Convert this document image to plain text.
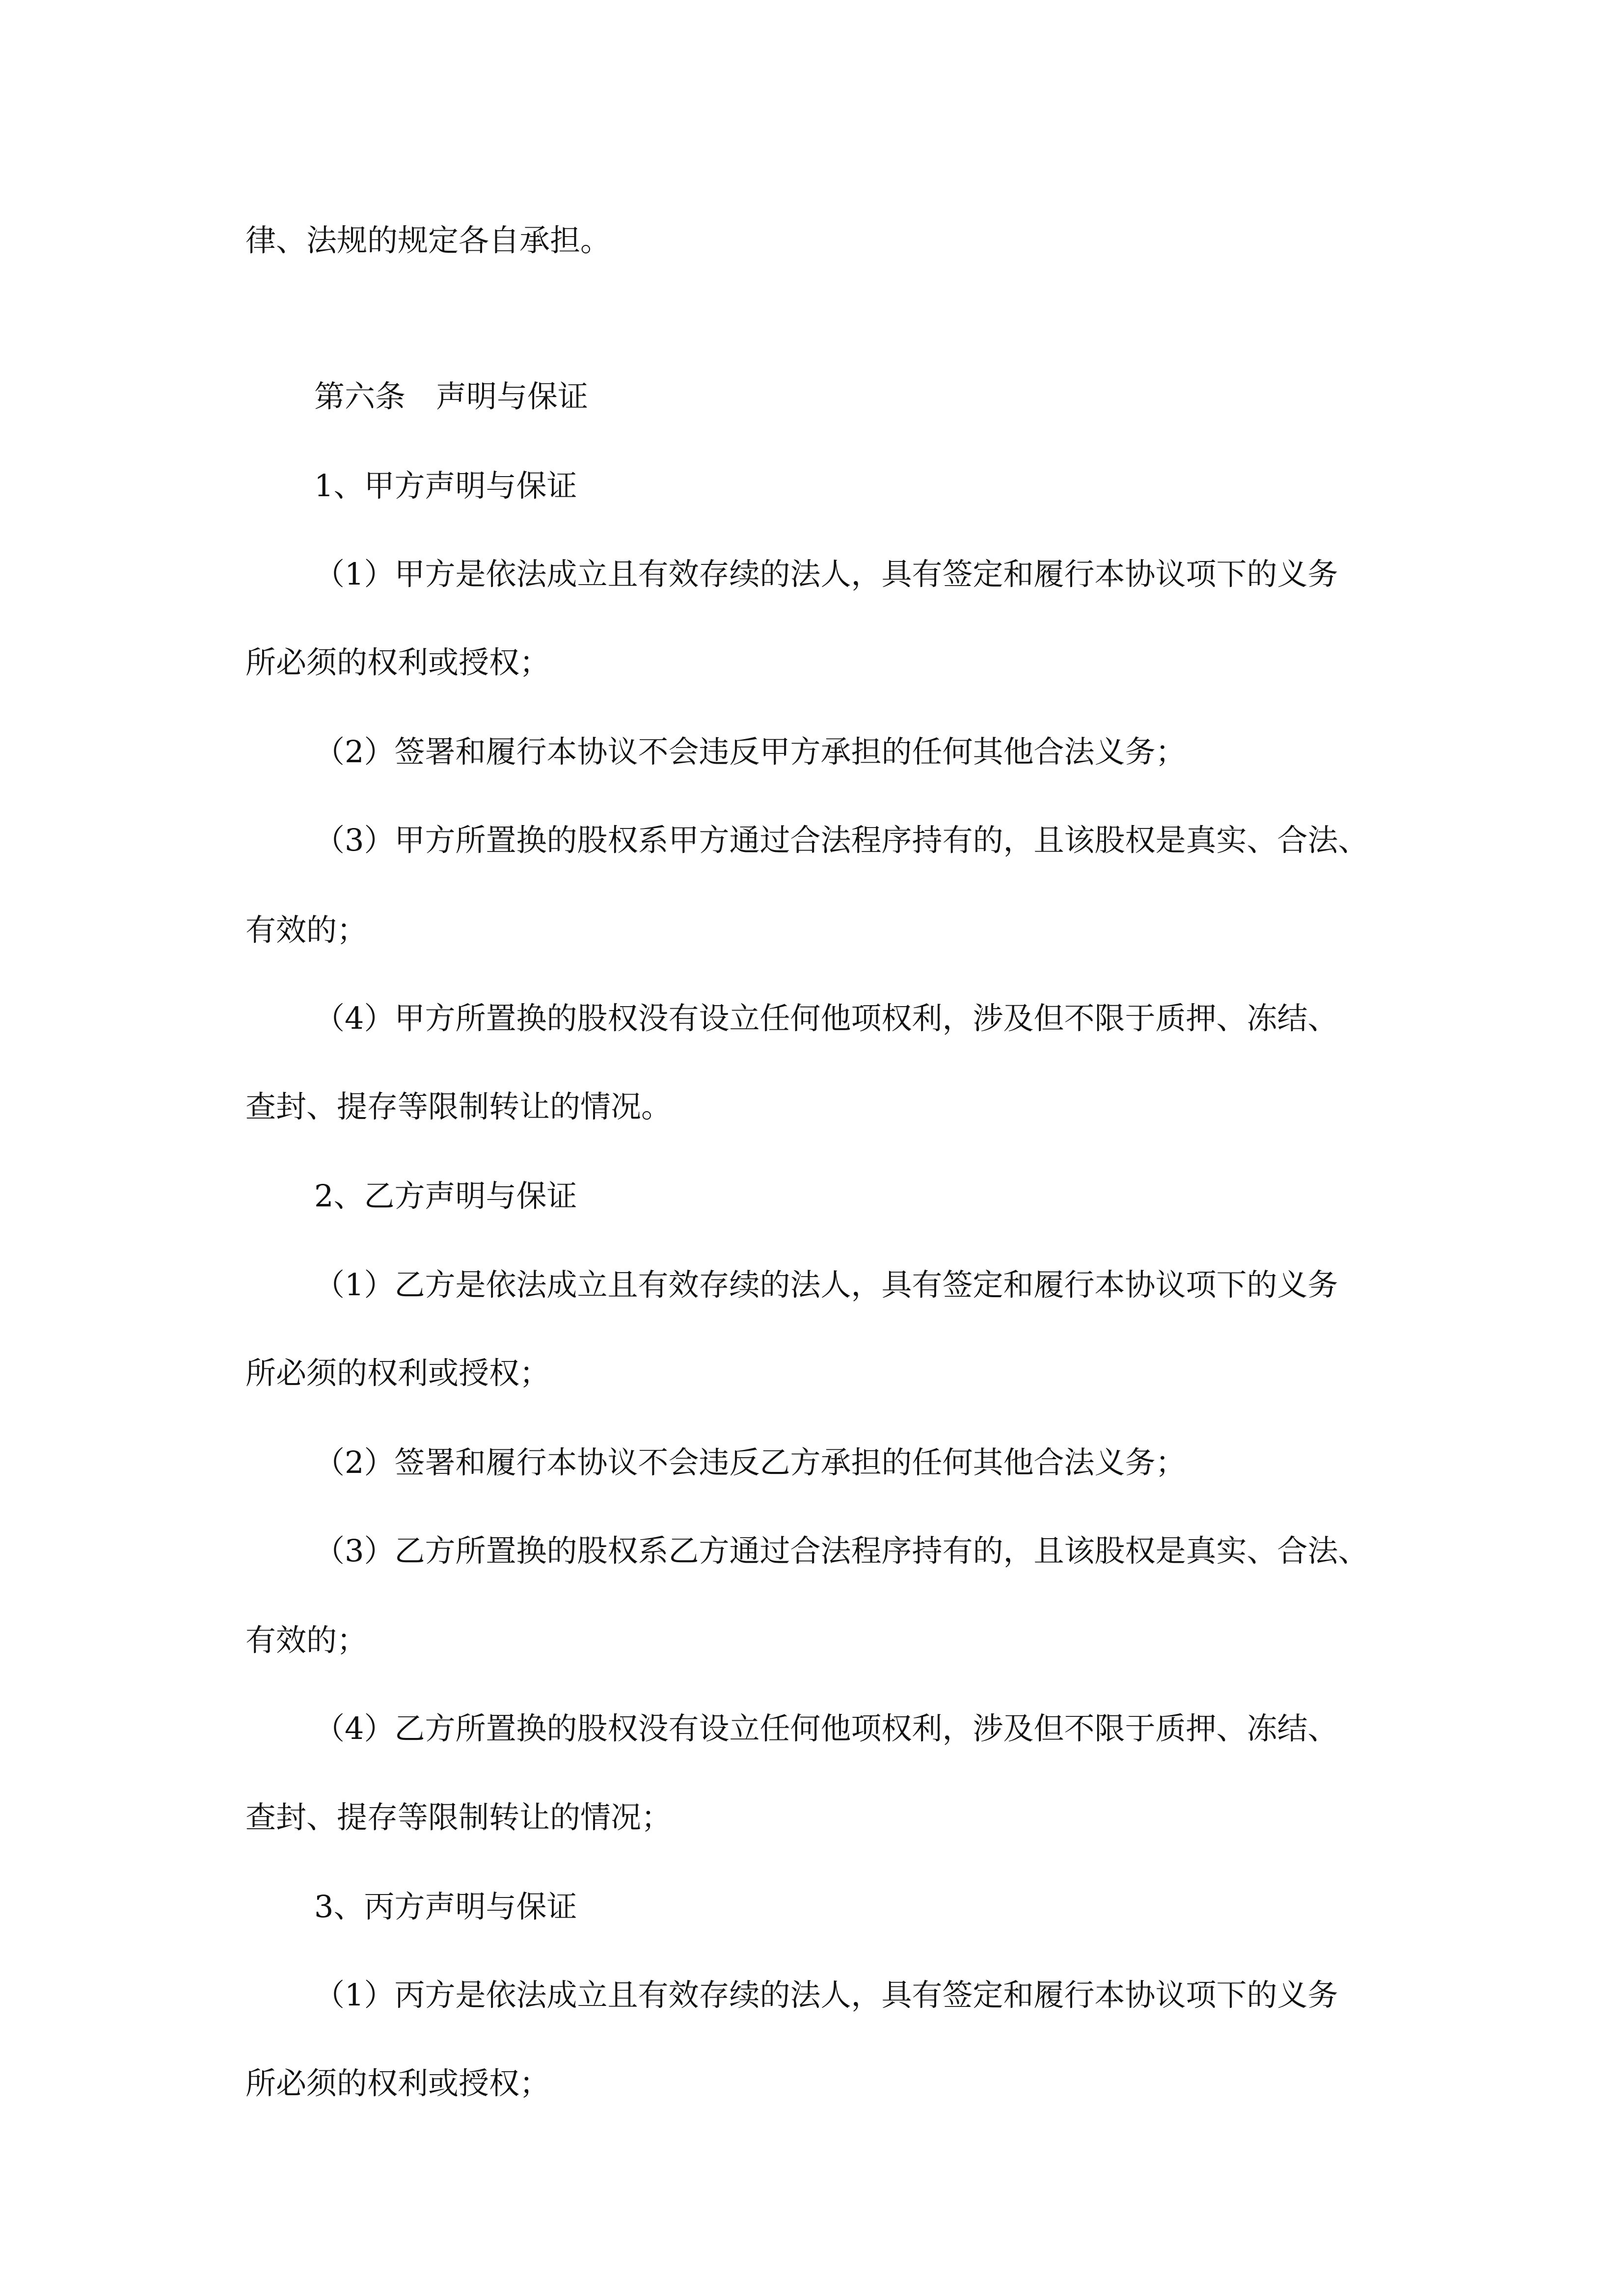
律、法规的规定各自承担。

第六条　声明与保证

1、甲方声明与保证

（1）甲方是依法成立且有效存续的法人，具有签定和履行本协议项下的义务

所必须的权利或授权；

（2）签署和履行本协议不会违反甲方承担的任何其他合法义务；

（3）甲方所置换的股权系甲方通过合法程序持有的，且该股权是真实、合法、

有效的；

（4）甲方所置换的股权没有设立任何他项权利，涉及但不限于质押、冻结、

查封、提存等限制转让的情况。

2、乙方声明与保证

（1）乙方是依法成立且有效存续的法人，具有签定和履行本协议项下的义务

所必须的权利或授权；

（2）签署和履行本协议不会违反乙方承担的任何其他合法义务；

（3）乙方所置换的股权系乙方通过合法程序持有的，且该股权是真实、合法、

有效的；

（4）乙方所置换的股权没有设立任何他项权利，涉及但不限于质押、冻结、

查封、提存等限制转让的情况；

3、丙方声明与保证

（1）丙方是依法成立且有效存续的法人，具有签定和履行本协议项下的义务

所必须的权利或授权；
